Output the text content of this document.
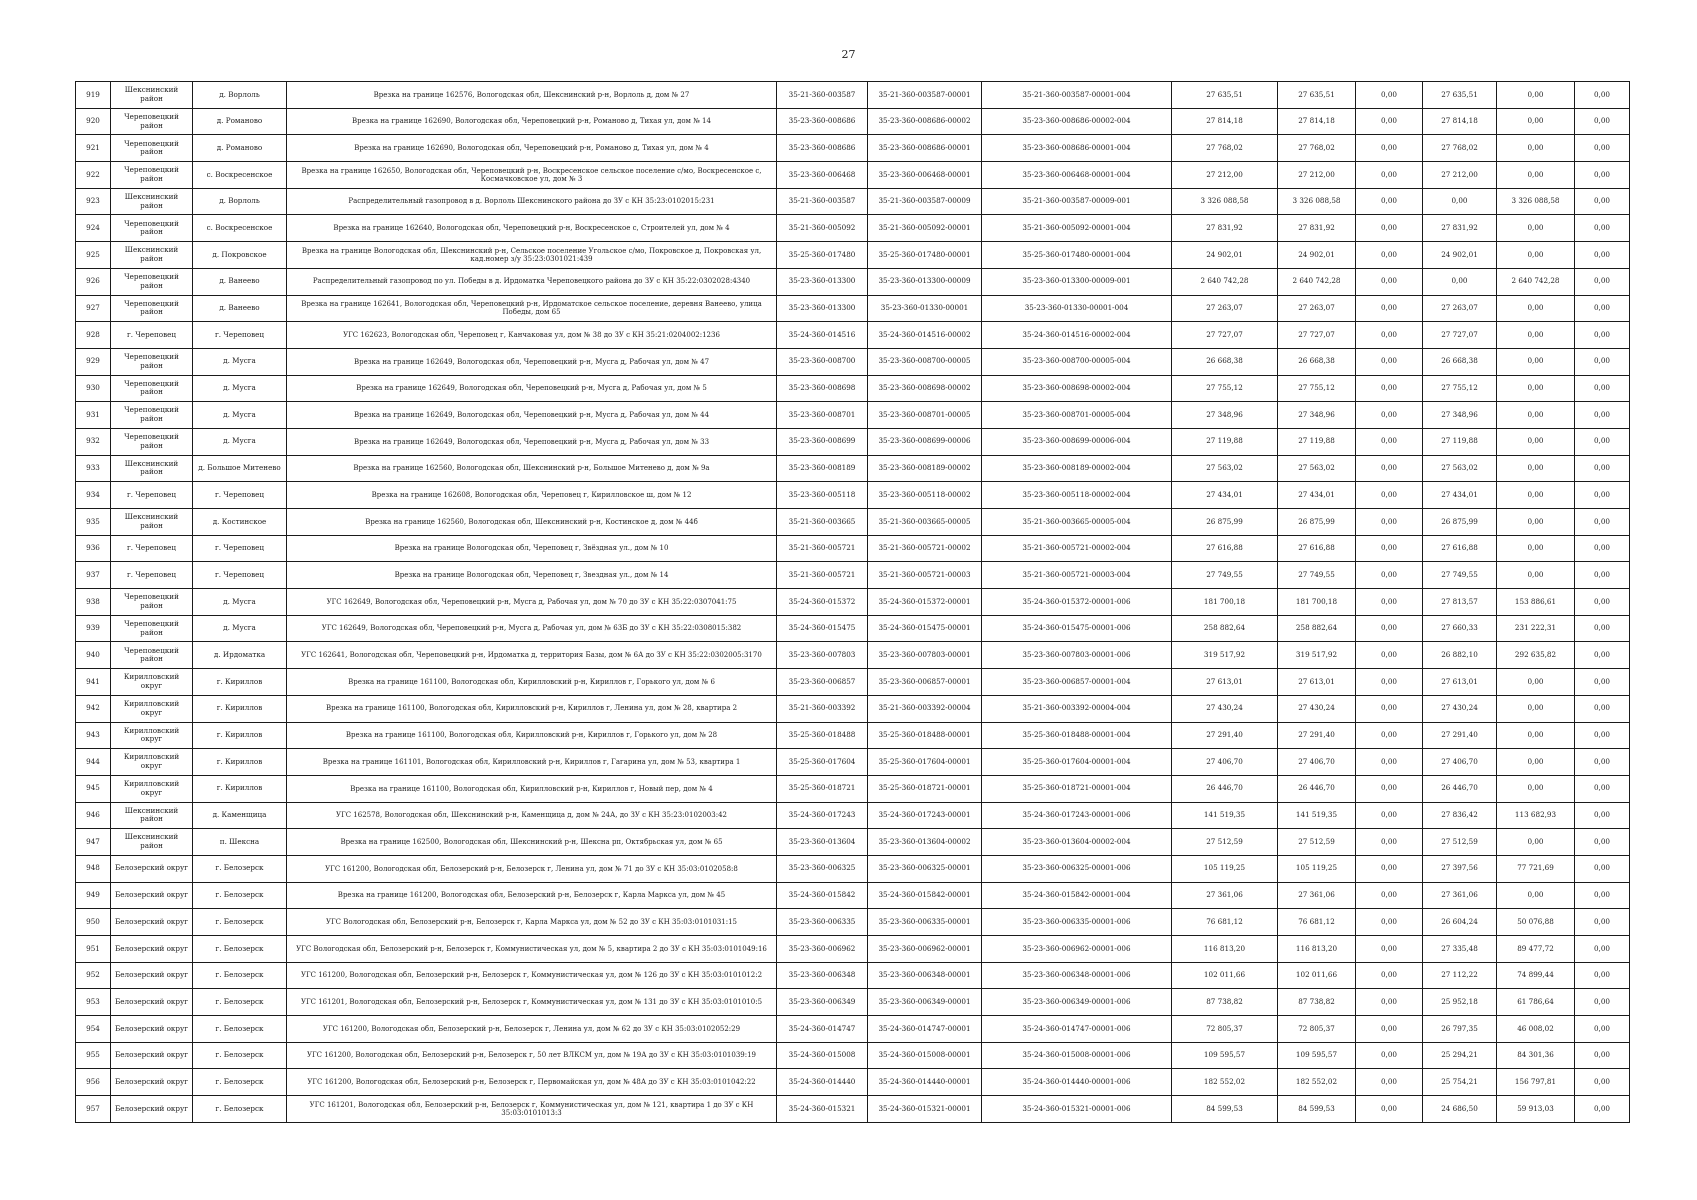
27
919	Шекснинский район	д. Ворлоль	Врезка на границе 162576, Вологодская обл, Шекснинский р-н, Ворлоль д, дом № 27	35-21-360-003587	35-21-360-003587-00001	35-21-360-003587-00001-004	27 635,51	27 635,51	0,00	27 635,51	0,00	0,00
920	Череповецкий район	д. Романово	Врезка на границе 162690, Вологодская обл, Череповецкий р-н, Романово д, Тихая ул, дом № 14	35-23-360-008686	35-23-360-008686-00002	35-23-360-008686-00002-004	27 814,18	27 814,18	0,00	27 814,18	0,00	0,00
921	Череповецкий район	д. Романово	Врезка на границе 162690, Вологодская обл, Череповецкий р-н, Романово д, Тихая ул, дом № 4	35-23-360-008686	35-23-360-008686-00001	35-23-360-008686-00001-004	27 768,02	27 768,02	0,00	27 768,02	0,00	0,00
922	Череповецкий район	с. Воскресенское	Врезка на границе 162650, Вологодская обл, Череповецкий р-н, Воскресенское сельское поселение с/мо, Воскресенское с, Космачковское ул, дом № 3	35-23-360-006468	35-23-360-006468-00001	35-23-360-006468-00001-004	27 212,00	27 212,00	0,00	27 212,00	0,00	0,00
923	Шекснинский район	д. Ворлоль	Распределительный газопровод в д. Ворлоль Шекснинского района до ЗУ с КН 35:23:0102015:231	35-21-360-003587	35-21-360-003587-00009	35-21-360-003587-00009-001	3 326 088,58	3 326 088,58	0,00	0,00	3 326 088,58	0,00
924	Череповецкий район	с. Воскресенское	Врезка на границе 162640, Вологодская обл, Череповецкий р-н, Воскресенское с, Строителей ул, дом № 4	35-21-360-005092	35-21-360-005092-00001	35-21-360-005092-00001-004	27 831,92	27 831,92	0,00	27 831,92	0,00	0,00
925	Шекснинский район	д. Покровское	Врезка на границе Вологодская обл, Шекснинский р-н, Сельское поселение Угольское с/мо, Покровское д, Покровская ул, кад.номер з/у 35:23:0301021:439	35-25-360-017480	35-25-360-017480-00001	35-25-360-017480-00001-004	24 902,01	24 902,01	0,00	24 902,01	0,00	0,00
926	Череповецкий район	д. Ванеево	Распределительный газопровод по ул. Победы в д. Ирдоматка Череповецкого района до ЗУ с КН 35:22:0302028:4340	35-23-360-013300	35-23-360-013300-00009	35-23-360-013300-00009-001	2 640 742,28	2 640 742,28	0,00	0,00	2 640 742,28	0,00
927	Череповецкий район	д. Ванеево	Врезка на границе 162641, Вологодская обл, Череповецкий р-н, Ирдоматское сельское поселение, деревня Ванеево, улица Победы, дом 65	35-23-360-013300	35-23-360-01330-00001	35-23-360-01330-00001-004	27 263,07	27 263,07	0,00	27 263,07	0,00	0,00
928	г. Череповец	г. Череповец	УГС 162623, Вологодская обл, Череповец г, Канчаковая ул, дом № 38 до ЗУ с КН 35:21:0204002:1236	35-24-360-014516	35-24-360-014516-00002	35-24-360-014516-00002-004	27 727,07	27 727,07	0,00	27 727,07	0,00	0,00
929	Череповецкий район	д. Мусга	Врезка на границе 162649, Вологодская обл, Череповецкий р-н, Мусга д, Рабочая ул, дом № 47	35-23-360-008700	35-23-360-008700-00005	35-23-360-008700-00005-004	26 668,38	26 668,38	0,00	26 668,38	0,00	0,00
930	Череповецкий район	д. Мусга	Врезка на границе 162649, Вологодская обл, Череповецкий р-н, Мусга д, Рабочая ул, дом № 5	35-23-360-008698	35-23-360-008698-00002	35-23-360-008698-00002-004	27 755,12	27 755,12	0,00	27 755,12	0,00	0,00
931	Череповецкий район	д. Мусга	Врезка на границе 162649, Вологодская обл, Череповецкий р-н, Мусга д, Рабочая ул, дом № 44	35-23-360-008701	35-23-360-008701-00005	35-23-360-008701-00005-004	27 348,96	27 348,96	0,00	27 348,96	0,00	0,00
932	Череповецкий район	д. Мусга	Врезка на границе 162649, Вологодская обл, Череповецкий р-н, Мусга д, Рабочая ул, дом № 33	35-23-360-008699	35-23-360-008699-00006	35-23-360-008699-00006-004	27 119,88	27 119,88	0,00	27 119,88	0,00	0,00
933	Шекснинский район	д. Большое Митенево	Врезка на границе 162560, Вологодская обл, Шекснинский р-н, Большое Митенево д, дом № 9а	35-23-360-008189	35-23-360-008189-00002	35-23-360-008189-00002-004	27 563,02	27 563,02	0,00	27 563,02	0,00	0,00
934	г. Череповец	г. Череповец	Врезка на границе 162608, Вологодская обл, Череповец г, Кирилловское ш, дом № 12	35-23-360-005118	35-23-360-005118-00002	35-23-360-005118-00002-004	27 434,01	27 434,01	0,00	27 434,01	0,00	0,00
935	Шекснинский район	д. Костинское	Врезка на границе 162560, Вологодская обл, Шекснинский р-н, Костинское д, дом № 44б	35-21-360-003665	35-21-360-003665-00005	35-21-360-003665-00005-004	26 875,99	26 875,99	0,00	26 875,99	0,00	0,00
936	г. Череповец	г. Череповец	Врезка на границе Вологодская обл, Череповец г, Звёздная ул., дом № 10	35-21-360-005721	35-21-360-005721-00002	35-21-360-005721-00002-004	27 616,88	27 616,88	0,00	27 616,88	0,00	0,00
937	г. Череповец	г. Череповец	Врезка на границе Вологодская обл, Череповец г, Звездная ул., дом № 14	35-21-360-005721	35-21-360-005721-00003	35-21-360-005721-00003-004	27 749,55	27 749,55	0,00	27 749,55	0,00	0,00
938	Череповецкий район	д. Мусга	УГС 162649, Вологодская обл, Череповецкий р-н, Мусга д, Рабочая ул, дом № 70 до ЗУ с КН 35:22:0307041:75	35-24-360-015372	35-24-360-015372-00001	35-24-360-015372-00001-006	181 700,18	181 700,18	0,00	27 813,57	153 886,61	0,00
939	Череповецкий район	д. Мусга	УГС 162649, Вологодская обл, Череповецкий р-н, Мусга д, Рабочая ул, дом № 63Б до ЗУ с КН 35:22:0308015:382	35-24-360-015475	35-24-360-015475-00001	35-24-360-015475-00001-006	258 882,64	258 882,64	0,00	27 660,33	231 222,31	0,00
940	Череповецкий район	д. Ирдоматка	УГС 162641, Вологодская обл, Череповецкий р-н, Ирдоматка д, территория Базы, дом № 6А до ЗУ с КН 35:22:0302005:3170	35-23-360-007803	35-23-360-007803-00001	35-23-360-007803-00001-006	319 517,92	319 517,92	0,00	26 882,10	292 635,82	0,00
941	Кирилловский округ	г. Кириллов	Врезка на границе 161100, Вологодская обл, Кирилловский р-н, Кириллов г, Горького ул, дом № 6	35-23-360-006857	35-23-360-006857-00001	35-23-360-006857-00001-004	27 613,01	27 613,01	0,00	27 613,01	0,00	0,00
942	Кирилловский округ	г. Кириллов	Врезка на границе 161100, Вологодская обл, Кирилловский р-н, Кириллов г, Ленина ул, дом № 28, квартира 2	35-21-360-003392	35-21-360-003392-00004	35-21-360-003392-00004-004	27 430,24	27 430,24	0,00	27 430,24	0,00	0,00
943	Кирилловский округ	г. Кириллов	Врезка на границе 161100, Вологодская обл, Кирилловский р-н, Кириллов г, Горького ул, дом № 28	35-25-360-018488	35-25-360-018488-00001	35-25-360-018488-00001-004	27 291,40	27 291,40	0,00	27 291,40	0,00	0,00
944	Кирилловский округ	г. Кириллов	Врезка на границе 161101, Вологодская обл, Кирилловский р-н, Кириллов г, Гагарина ул, дом № 53, квартира 1	35-25-360-017604	35-25-360-017604-00001	35-25-360-017604-00001-004	27 406,70	27 406,70	0,00	27 406,70	0,00	0,00
945	Кирилловский округ	г. Кириллов	Врезка на границе 161100, Вологодская обл, Кирилловский р-н, Кириллов г, Новый пер, дом № 4	35-25-360-018721	35-25-360-018721-00001	35-25-360-018721-00001-004	26 446,70	26 446,70	0,00	26 446,70	0,00	0,00
946	Шекснинский район	д. Каменщица	УГС 162578, Вологодская обл, Шекснинский р-н, Каменщица д, дом № 24А, до ЗУ с КН 35:23:0102003:42	35-24-360-017243	35-24-360-017243-00001	35-24-360-017243-00001-006	141 519,35	141 519,35	0,00	27 836,42	113 682,93	0,00
947	Шекснинский район	п. Шексна	Врезка на границе 162500, Вологодская обл, Шекснинский р-н, Шексна рп, Октябрьская ул, дом № 65	35-23-360-013604	35-23-360-013604-00002	35-23-360-013604-00002-004	27 512,59	27 512,59	0,00	27 512,59	0,00	0,00
948	Белозерский округ	г. Белозерск	УГС 161200, Вологодская обл, Белозерский р-н, Белозерск г, Ленина ул, дом № 71 до ЗУ с КН 35:03:0102058:8	35-23-360-006325	35-23-360-006325-00001	35-23-360-006325-00001-006	105 119,25	105 119,25	0,00	27 397,56	77 721,69	0,00
949	Белозерский округ	г. Белозерск	Врезка на границе 161200, Вологодская обл, Белозерский р-н, Белозерск г, Карла Маркса ул, дом № 45	35-24-360-015842	35-24-360-015842-00001	35-24-360-015842-00001-004	27 361,06	27 361,06	0,00	27 361,06	0,00	0,00
950	Белозерский округ	г. Белозерск	УГС Вологодская обл, Белозерский р-н, Белозерск г, Карла Маркса ул, дом № 52 до ЗУ с КН 35:03:0101031:15	35-23-360-006335	35-23-360-006335-00001	35-23-360-006335-00001-006	76 681,12	76 681,12	0,00	26 604,24	50 076,88	0,00
951	Белозерский округ	г. Белозерск	УГС Вологодская обл, Белозерский р-н, Белозерск г, Коммунистическая ул, дом № 5, квартира 2 до ЗУ с КН 35:03:0101049:16	35-23-360-006962	35-23-360-006962-00001	35-23-360-006962-00001-006	116 813,20	116 813,20	0,00	27 335,48	89 477,72	0,00
952	Белозерский округ	г. Белозерск	УГС 161200, Вологодская обл, Белозерский р-н, Белозерск г, Коммунистическая ул, дом № 126 до ЗУ с КН 35:03:0101012:2	35-23-360-006348	35-23-360-006348-00001	35-23-360-006348-00001-006	102 011,66	102 011,66	0,00	27 112,22	74 899,44	0,00
953	Белозерский округ	г. Белозерск	УГС 161201, Вологодская обл, Белозерский р-н, Белозерск г, Коммунистическая ул, дом № 131 до ЗУ с КН 35:03:0101010:5	35-23-360-006349	35-23-360-006349-00001	35-23-360-006349-00001-006	87 738,82	87 738,82	0,00	25 952,18	61 786,64	0,00
954	Белозерский округ	г. Белозерск	УГС 161200, Вологодская обл, Белозерский р-н, Белозерск г, Ленина ул, дом № 62 до ЗУ с КН 35:03:0102052:29	35-24-360-014747	35-24-360-014747-00001	35-24-360-014747-00001-006	72 805,37	72 805,37	0,00	26 797,35	46 008,02	0,00
955	Белозерский округ	г. Белозерск	УГС 161200, Вологодская обл, Белозерский р-н, Белозерск г, 50 лет ВЛКСМ ул, дом № 19А до ЗУ с КН 35:03:0101039:19	35-24-360-015008	35-24-360-015008-00001	35-24-360-015008-00001-006	109 595,57	109 595,57	0,00	25 294,21	84 301,36	0,00
956	Белозерский округ	г. Белозерск	УГС 161200, Вологодская обл, Белозерский р-н, Белозерск г, Первомайская ул, дом № 48А до ЗУ с КН 35:03:0101042:22	35-24-360-014440	35-24-360-014440-00001	35-24-360-014440-00001-006	182 552,02	182 552,02	0,00	25 754,21	156 797,81	0,00
957	Белозерский округ	г. Белозерск	УГС 161201, Вологодская обл, Белозерский р-н, Белозерск г, Коммунистическая ул, дом № 121, квартира 1 до ЗУ с КН 35:03:0101013:3	35-24-360-015321	35-24-360-015321-00001	35-24-360-015321-00001-006	84 599,53	84 599,53	0,00	24 686,50	59 913,03	0,00
